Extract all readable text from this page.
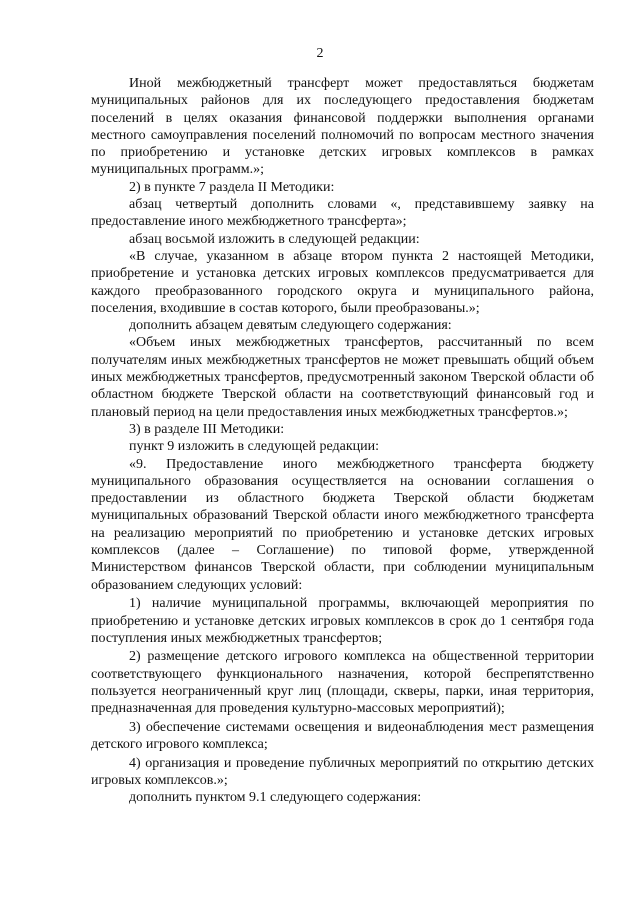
2

Иной межбюджетный трансферт может предоставляться бюджетам муниципальных районов для их последующего предоставления бюджетам поселений в целях оказания финансовой поддержки выполнения органами местного самоуправления поселений полномочий по вопросам местного значения по приобретению и установке детских игровых комплексов в рамках муниципальных программ.»;

2) в пункте 7 раздела II Методики:

абзац четвертый дополнить словами «, представившему заявку на предоставление иного межбюджетного трансферта»;

абзац восьмой изложить в следующей редакции:

«В случае, указанном в абзаце втором пункта 2 настоящей Методики, приобретение и установка детских игровых комплексов предусматривается для каждого преобразованного городского округа и муниципального района, поселения, входившие в состав которого, были преобразованы.»;

дополнить абзацем девятым следующего содержания:

«Объем иных межбюджетных трансфертов, рассчитанный по всем получателям иных межбюджетных трансфертов не может превышать общий объем иных межбюджетных трансфертов, предусмотренный законом Тверской области об областном бюджете Тверской области на соответствующий финансовый год и плановый период на цели предоставления иных межбюджетных трансфертов.»;

3) в разделе III Методики:

пункт 9 изложить в следующей редакции:

«9. Предоставление иного межбюджетного трансферта бюджету муниципального образования осуществляется на основании соглашения о предоставлении из областного бюджета Тверской области бюджетам муниципальных образований Тверской области иного межбюджетного трансферта на реализацию мероприятий по приобретению и установке детских игровых комплексов (далее – Соглашение) по типовой форме, утвержденной Министерством финансов Тверской области, при соблюдении муниципальным образованием следующих условий:

1) наличие муниципальной программы, включающей мероприятия по приобретению и установке детских игровых комплексов в срок до 1 сентября года поступления иных межбюджетных трансфертов;

2) размещение детского игрового комплекса на общественной территории соответствующего функционального назначения, которой беспрепятственно пользуется неограниченный круг лиц (площади, скверы, парки, иная территория, предназначенная для проведения культурно-массовых мероприятий);

3) обеспечение системами освещения и видеонаблюдения мест размещения детского игрового комплекса;

4) организация и проведение публичных мероприятий по открытию детских игровых комплексов.»;

дополнить пунктом 9.1 следующего содержания:
